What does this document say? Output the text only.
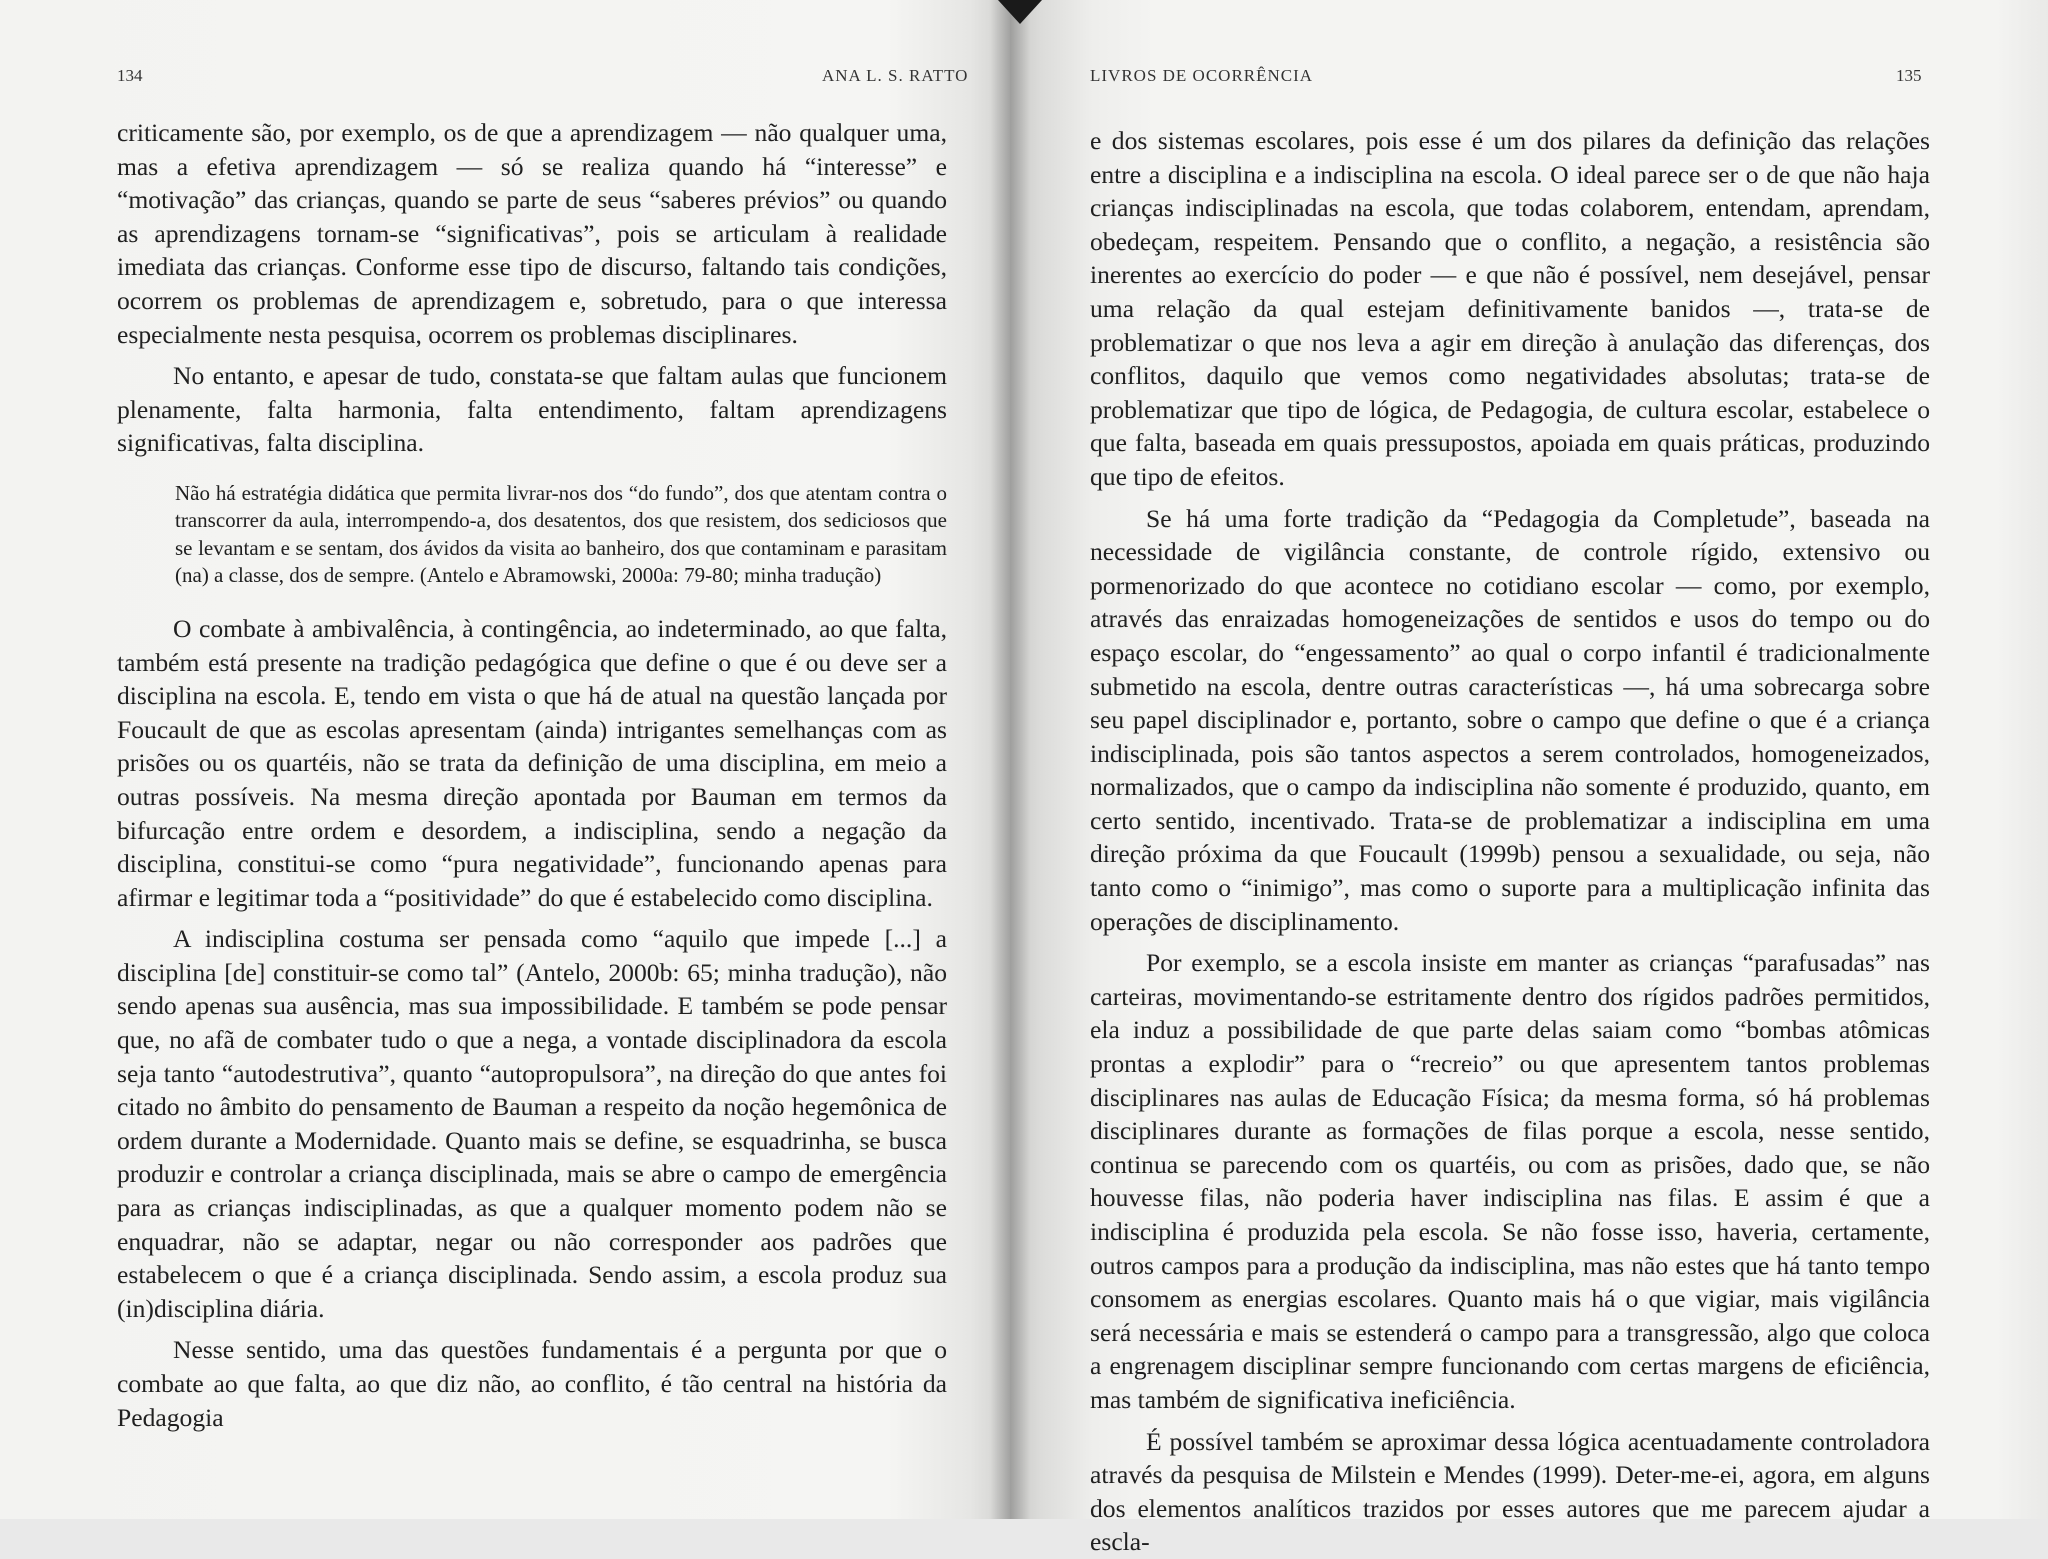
134	ANA L. S. RATTO

criticamente são, por exemplo, os de que a aprendizagem — não qualquer uma, mas a efetiva aprendizagem — só se realiza quando há “interesse” e “motivação” das crianças, quando se parte de seus “saberes prévios” ou quando as aprendizagens tornam-se “significativas”, pois se articulam à realidade imediata das crianças. Conforme esse tipo de discurso, faltando tais condições, ocorrem os problemas de aprendizagem e, sobretudo, para o que interessa especialmente nesta pesquisa, ocorrem os problemas disciplinares.

No entanto, e apesar de tudo, constata-se que faltam aulas que funcionem plenamente, falta harmonia, falta entendimento, faltam aprendizagens significativas, falta disciplina.

Não há estratégia didática que permita livrar-nos dos “do fundo”, dos que atentam contra o transcorrer da aula, interrompendo-a, dos desatentos, dos que resistem, dos sediciosos que se levantam e se sentam, dos ávidos da visita ao banheiro, dos que contaminam e parasitam (na) a classe, dos de sempre. (Antelo e Abramowski, 2000a: 79-80; minha tradução)

O combate à ambivalência, à contingência, ao indeterminado, ao que falta, também está presente na tradição pedagógica que define o que é ou deve ser a disciplina na escola. E, tendo em vista o que há de atual na questão lançada por Foucault de que as escolas apresentam (ainda) intrigantes semelhanças com as prisões ou os quartéis, não se trata da definição de uma disciplina, em meio a outras possíveis. Na mesma direção apontada por Bauman em termos da bifurcação entre ordem e desordem, a indisciplina, sendo a negação da disciplina, constitui-se como “pura negatividade”, funcionando apenas para afirmar e legitimar toda a “positividade” do que é estabelecido como disciplina.

A indisciplina costuma ser pensada como “aquilo que impede [...] a disciplina [de] constituir-se como tal” (Antelo, 2000b: 65; minha tradução), não sendo apenas sua ausência, mas sua impossibilidade. E também se pode pensar que, no afã de combater tudo o que a nega, a vontade disciplinadora da escola seja tanto “autodestrutiva”, quanto “autopropulsora”, na direção do que antes foi citado no âmbito do pensamento de Bauman a respeito da noção hegemônica de ordem durante a Modernidade. Quanto mais se define, se esquadrinha, se busca produzir e controlar a criança disciplinada, mais se abre o campo de emergência para as crianças indisciplinadas, as que a qualquer momento podem não se enquadrar, não se adaptar, negar ou não corresponder aos padrões que estabelecem o que é a criança disciplinada. Sendo assim, a escola produz sua (in)disciplina diária.

Nesse sentido, uma das questões fundamentais é a pergunta por que o combate ao que falta, ao que diz não, ao conflito, é tão central na história da Pedagogia

LIVROS DE OCORRÊNCIA	135

e dos sistemas escolares, pois esse é um dos pilares da definição das relações entre a disciplina e a indisciplina na escola. O ideal parece ser o de que não haja crianças indisciplinadas na escola, que todas colaborem, entendam, aprendam, obedeçam, respeitem. Pensando que o conflito, a negação, a resistência são inerentes ao exercício do poder — e que não é possível, nem desejável, pensar uma relação da qual estejam definitivamente banidos —, trata-se de problematizar o que nos leva a agir em direção à anulação das diferenças, dos conflitos, daquilo que vemos como negatividades absolutas; trata-se de problematizar que tipo de lógica, de Pedagogia, de cultura escolar, estabelece o que falta, baseada em quais pressupostos, apoiada em quais práticas, produzindo que tipo de efeitos.

Se há uma forte tradição da “Pedagogia da Completude”, baseada na necessidade de vigilância constante, de controle rígido, extensivo ou pormenorizado do que acontece no cotidiano escolar — como, por exemplo, através das enraizadas homogeneizações de sentidos e usos do tempo ou do espaço escolar, do “engessamento” ao qual o corpo infantil é tradicionalmente submetido na escola, dentre outras características —, há uma sobrecarga sobre seu papel disciplinador e, portanto, sobre o campo que define o que é a criança indisciplinada, pois são tantos aspectos a serem controlados, homogeneizados, normalizados, que o campo da indisciplina não somente é produzido, quanto, em certo sentido, incentivado. Trata-se de problematizar a indisciplina em uma direção próxima da que Foucault (1999b) pensou a sexualidade, ou seja, não tanto como o “inimigo”, mas como o suporte para a multiplicação infinita das operações de disciplinamento.

Por exemplo, se a escola insiste em manter as crianças “parafusadas” nas carteiras, movimentando-se estritamente dentro dos rígidos padrões permitidos, ela induz a possibilidade de que parte delas saiam como “bombas atômicas prontas a explodir” para o “recreio” ou que apresentem tantos problemas disciplinares nas aulas de Educação Física; da mesma forma, só há problemas disciplinares durante as formações de filas porque a escola, nesse sentido, continua se parecendo com os quartéis, ou com as prisões, dado que, se não houvesse filas, não poderia haver indisciplina nas filas. E assim é que a indisciplina é produzida pela escola. Se não fosse isso, haveria, certamente, outros campos para a produção da indisciplina, mas não estes que há tanto tempo consomem as energias escolares. Quanto mais há o que vigiar, mais vigilância será necessária e mais se estenderá o campo para a transgressão, algo que coloca a engrenagem disciplinar sempre funcionando com certas margens de eficiência, mas também de significativa ineficiência.

É possível também se aproximar dessa lógica acentuadamente controladora através da pesquisa de Milstein e Mendes (1999). Deter-me-ei, agora, em alguns dos elementos analíticos trazidos por esses autores que me parecem ajudar a escla-
